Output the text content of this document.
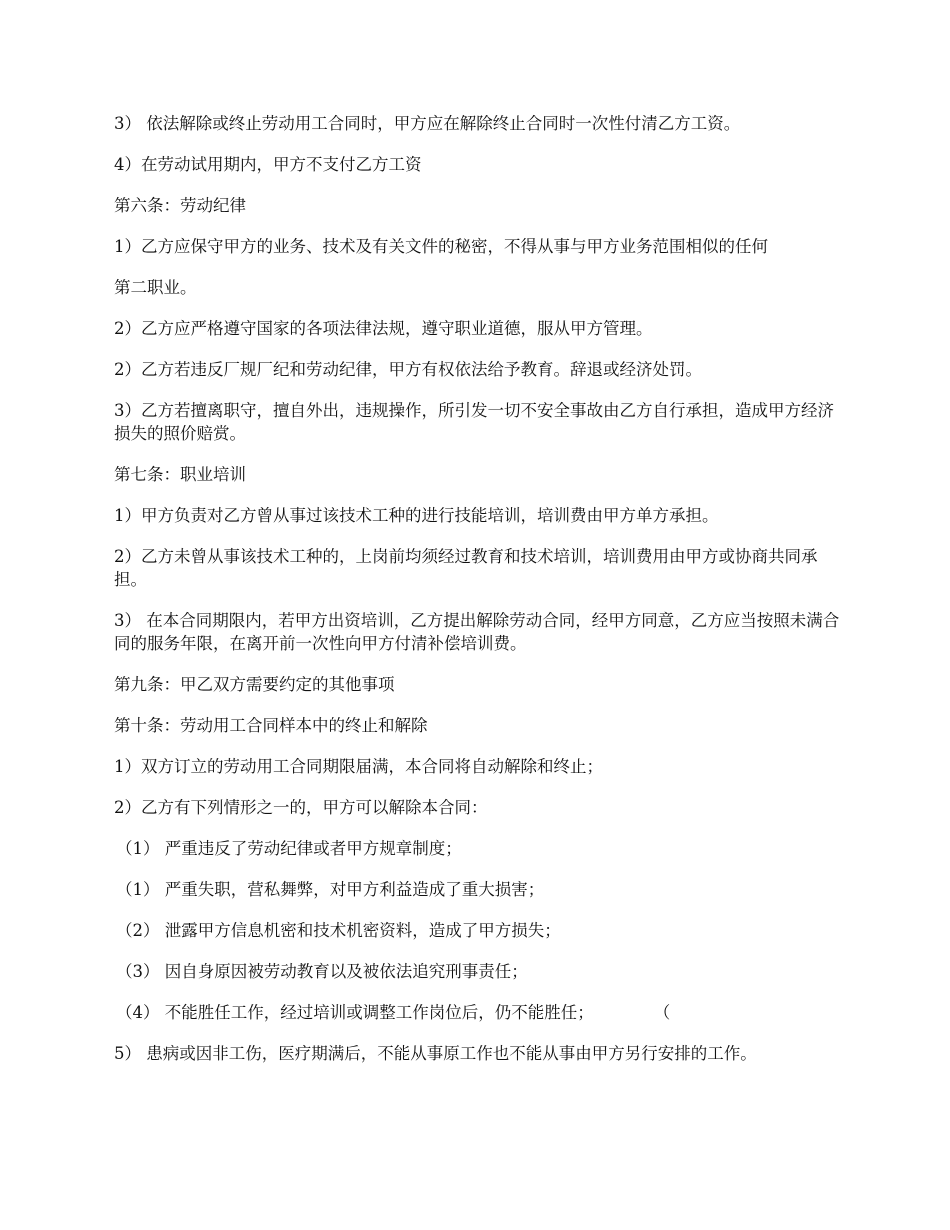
3） 依法解除或终止劳动用工合同时，甲方应在解除终止合同时一次性付清乙方工资。

4）在劳动试用期内，甲方不支付乙方工资

第六条：劳动纪律

1）乙方应保守甲方的业务、技术及有关文件的秘密，不得从事与甲方业务范围相似的任何

第二职业。

2）乙方应严格遵守国家的各项法律法规，遵守职业道德，服从甲方管理。

2）乙方若违反厂规厂纪和劳动纪律，甲方有权依法给予教育。辞退或经济处罚。

3）乙方若擅离职守，擅自外出，违规操作，所引发一切不安全事故由乙方自行承担，造成甲方经济损失的照价赔赏。

第七条：职业培训

1）甲方负责对乙方曾从事过该技术工种的进行技能培训，培训费由甲方单方承担。

2）乙方未曾从事该技术工种的，上岗前均须经过教育和技术培训，培训费用由甲方或协商共同承担。

3） 在本合同期限内，若甲方出资培训，乙方提出解除劳动合同，经甲方同意，乙方应当按照未满合同的服务年限，在离开前一次性向甲方付清补偿培训费。

第九条：甲乙双方需要约定的其他事项

第十条：劳动用工合同样本中的终止和解除

1）双方订立的劳动用工合同期限届满，本合同将自动解除和终止；

2）乙方有下列情形之一的，甲方可以解除本合同：

（1） 严重违反了劳动纪律或者甲方规章制度；

（1） 严重失职，营私舞弊，对甲方利益造成了重大损害；

（2） 泄露甲方信息机密和技术机密资料，造成了甲方损失；

（3） 因自身原因被劳动教育以及被依法追究刑事责任；

（4） 不能胜任工作，经过培训或调整工作岗位后，仍不能胜任；	（

5） 患病或因非工伤，医疗期满后，不能从事原工作也不能从事由甲方另行安排的工作。
